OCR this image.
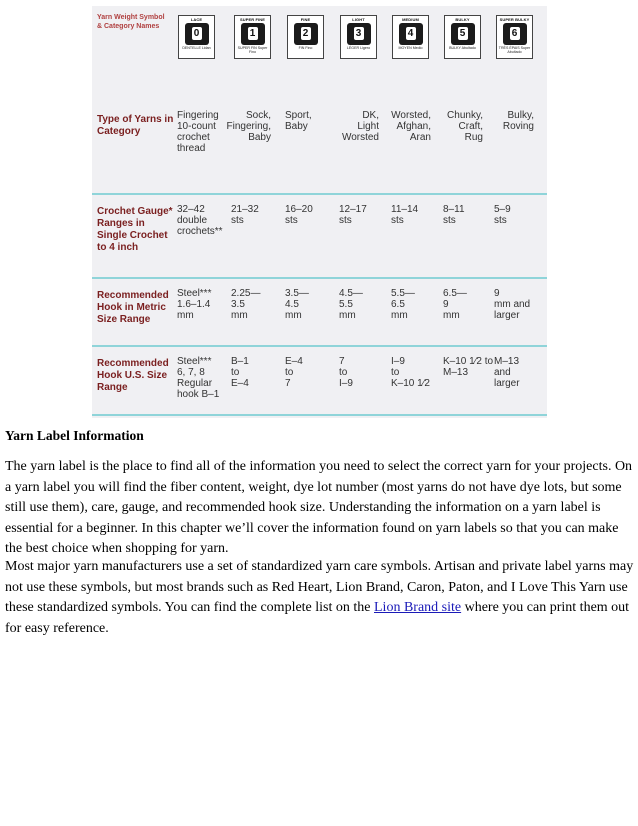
Yarn Weight Symbol & Category Names
LACE
0
DENTELLE Lidan
SUPER FINE
1
SUPER FIN Super Fino
FINE
2
FIN Fino
LIGHT
3
LÉGER Ligero
MEDIUM
4
MOYEN Medio
BULKY
5
BULKY Abultado
SUPER BULKY
6
TRÈS ÉPAIS Super Abultado
Type of Yarns in Category
Fingering
10-count
crochet
thread
Sock,
Fingering,
Baby
Sport,
Baby
DK,
Light
Worsted
Worsted,
Afghan,
Aran
Chunky,
Craft,
Rug
Bulky,
Roving
Crochet Gauge* Ranges in Single Crochet to 4 inch
32–42
double
crochets**
21–32
sts
16–20
sts
12–17
sts
11–14
sts
8–11
sts
5–9
sts
Recommended Hook in Metric Size Range
Steel***
1.6–1.4
mm
2.25—
3.5
mm
3.5—
4.5
mm
4.5—
5.5
mm
5.5—
6.5
mm
6.5—
9
mm
9
mm and
larger
Recommended Hook U.S. Size Range
Steel***
6, 7, 8
Regular
hook B–1
B–1
to
E–4
E–4
to
7
7
to
I–9
I–9
to
K–10 1⁄2
K–10 1⁄2 to
M–13
M–13
and
larger
Yarn Label Information

The yarn label is the place to find all of the information you need to select the correct yarn for your projects. On a yarn label you will find the fiber content, weight, dye lot number (most yarns do not have dye lots, but some still use them), care, gauge, and recommended hook size. Understanding the information on a yarn label is essential for a beginner. In this chapter we’ll cover the information found on yarn labels so that you can make the best choice when shopping for yarn.

Most major yarn manufacturers use a set of standardized yarn care symbols. Artisan and private label yarns may not use these symbols, but most brands such as Red Heart, Lion Brand, Caron, Paton, and I Love This Yarn use these standardized symbols. You can find the complete list on the Lion Brand site where you can print them out for easy reference.
